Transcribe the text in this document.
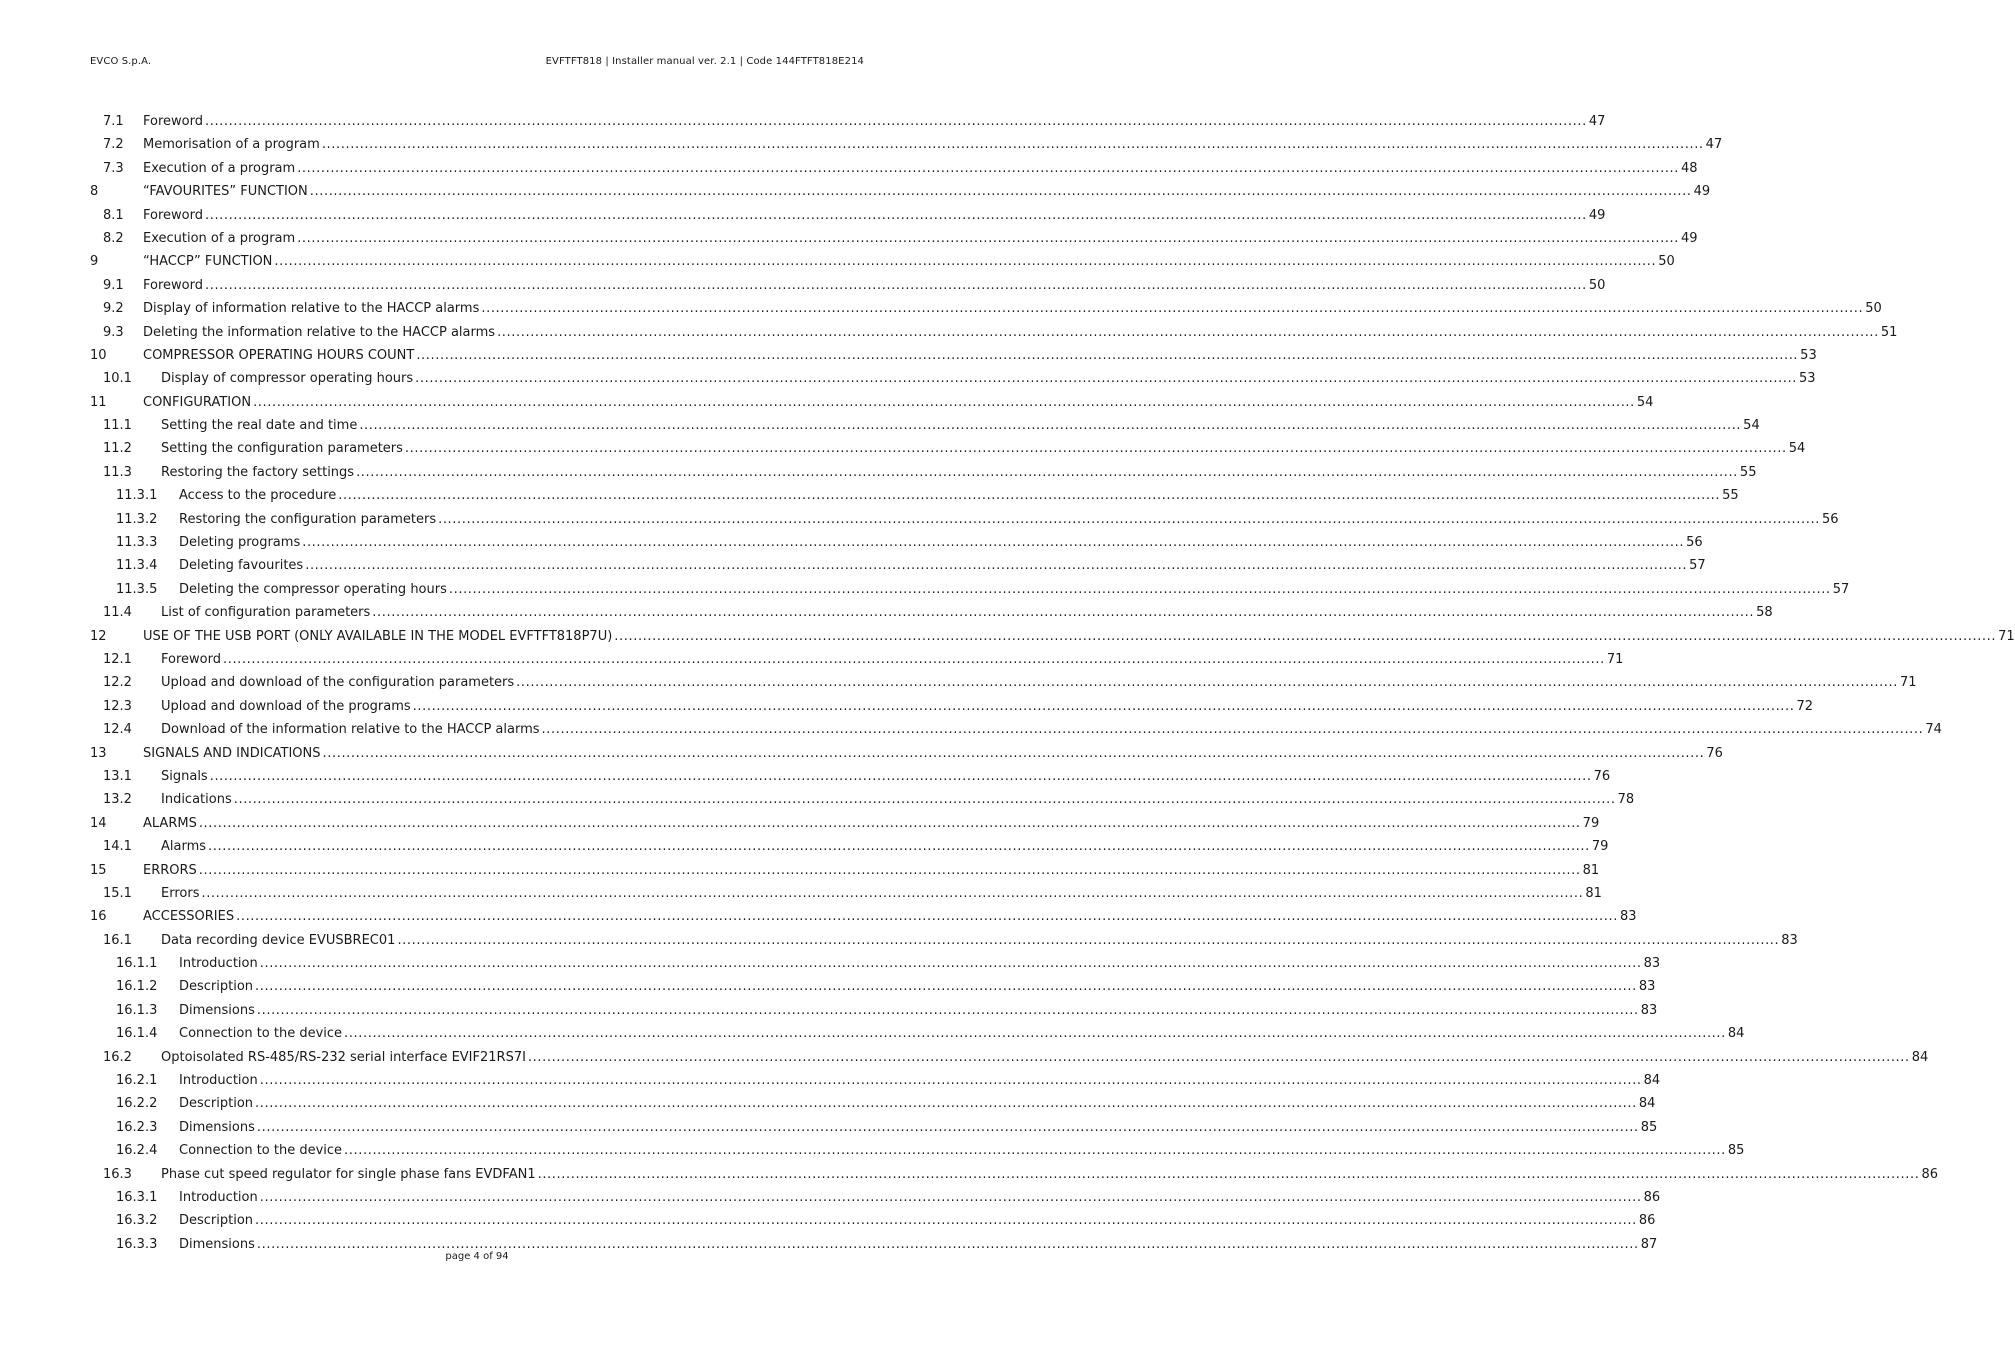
EVCO S.p.A.	EVFTFT818 | Installer manual ver. 2.1 | Code 144FTFT818E214
7.1	Foreword .....	47
7.2	Memorisation of a program .....	47
7.3	Execution of a program .....	48
8	“FAVOURITES” FUNCTION .....	49
8.1	Foreword .....	49
8.2	Execution of a program .....	49
9	“HACCP” FUNCTION .....	50
9.1	Foreword .....	50
9.2	Display of information relative to the HACCP alarms .....	50
9.3	Deleting the information relative to the HACCP alarms .....	51
10	COMPRESSOR OPERATING HOURS COUNT .....	53
10.1	Display of compressor operating hours .....	53
11	CONFIGURATION .....	54
11.1	Setting the real date and time .....	54
11.2	Setting the configuration parameters .....	54
11.3	Restoring the factory settings .....	55
11.3.1	Access to the procedure .....	55
11.3.2	Restoring the configuration parameters .....	56
11.3.3	Deleting programs .....	56
11.3.4	Deleting favourites .....	57
11.3.5	Deleting the compressor operating hours .....	57
11.4	List of configuration parameters .....	58
12	USE OF THE USB PORT (ONLY AVAILABLE IN THE MODEL EVFTFT818P7U) .....	71
12.1	Foreword .....	71
12.2	Upload and download of the configuration parameters .....	71
12.3	Upload and download of the programs .....	72
12.4	Download of the information relative to the HACCP alarms .....	74
13	SIGNALS AND INDICATIONS .....	76
13.1	Signals .....	76
13.2	Indications .....	78
14	ALARMS .....	79
14.1	Alarms .....	79
15	ERRORS .....	81
15.1	Errors .....	81
16	ACCESSORIES .....	83
16.1	Data recording device EVUSBREC01 .....	83
16.1.1	Introduction .....	83
16.1.2	Description .....	83
16.1.3	Dimensions .....	83
16.1.4	Connection to the device .....	84
16.2	Optoisolated RS-485/RS-232 serial interface EVIF21RS7I .....	84
16.2.1	Introduction .....	84
16.2.2	Description .....	84
16.2.3	Dimensions .....	85
16.2.4	Connection to the device .....	85
16.3	Phase cut speed regulator for single phase fans EVDFAN1 .....	86
16.3.1	Introduction .....	86
16.3.2	Description .....	86
16.3.3	Dimensions .....	87
page 4 of 94
